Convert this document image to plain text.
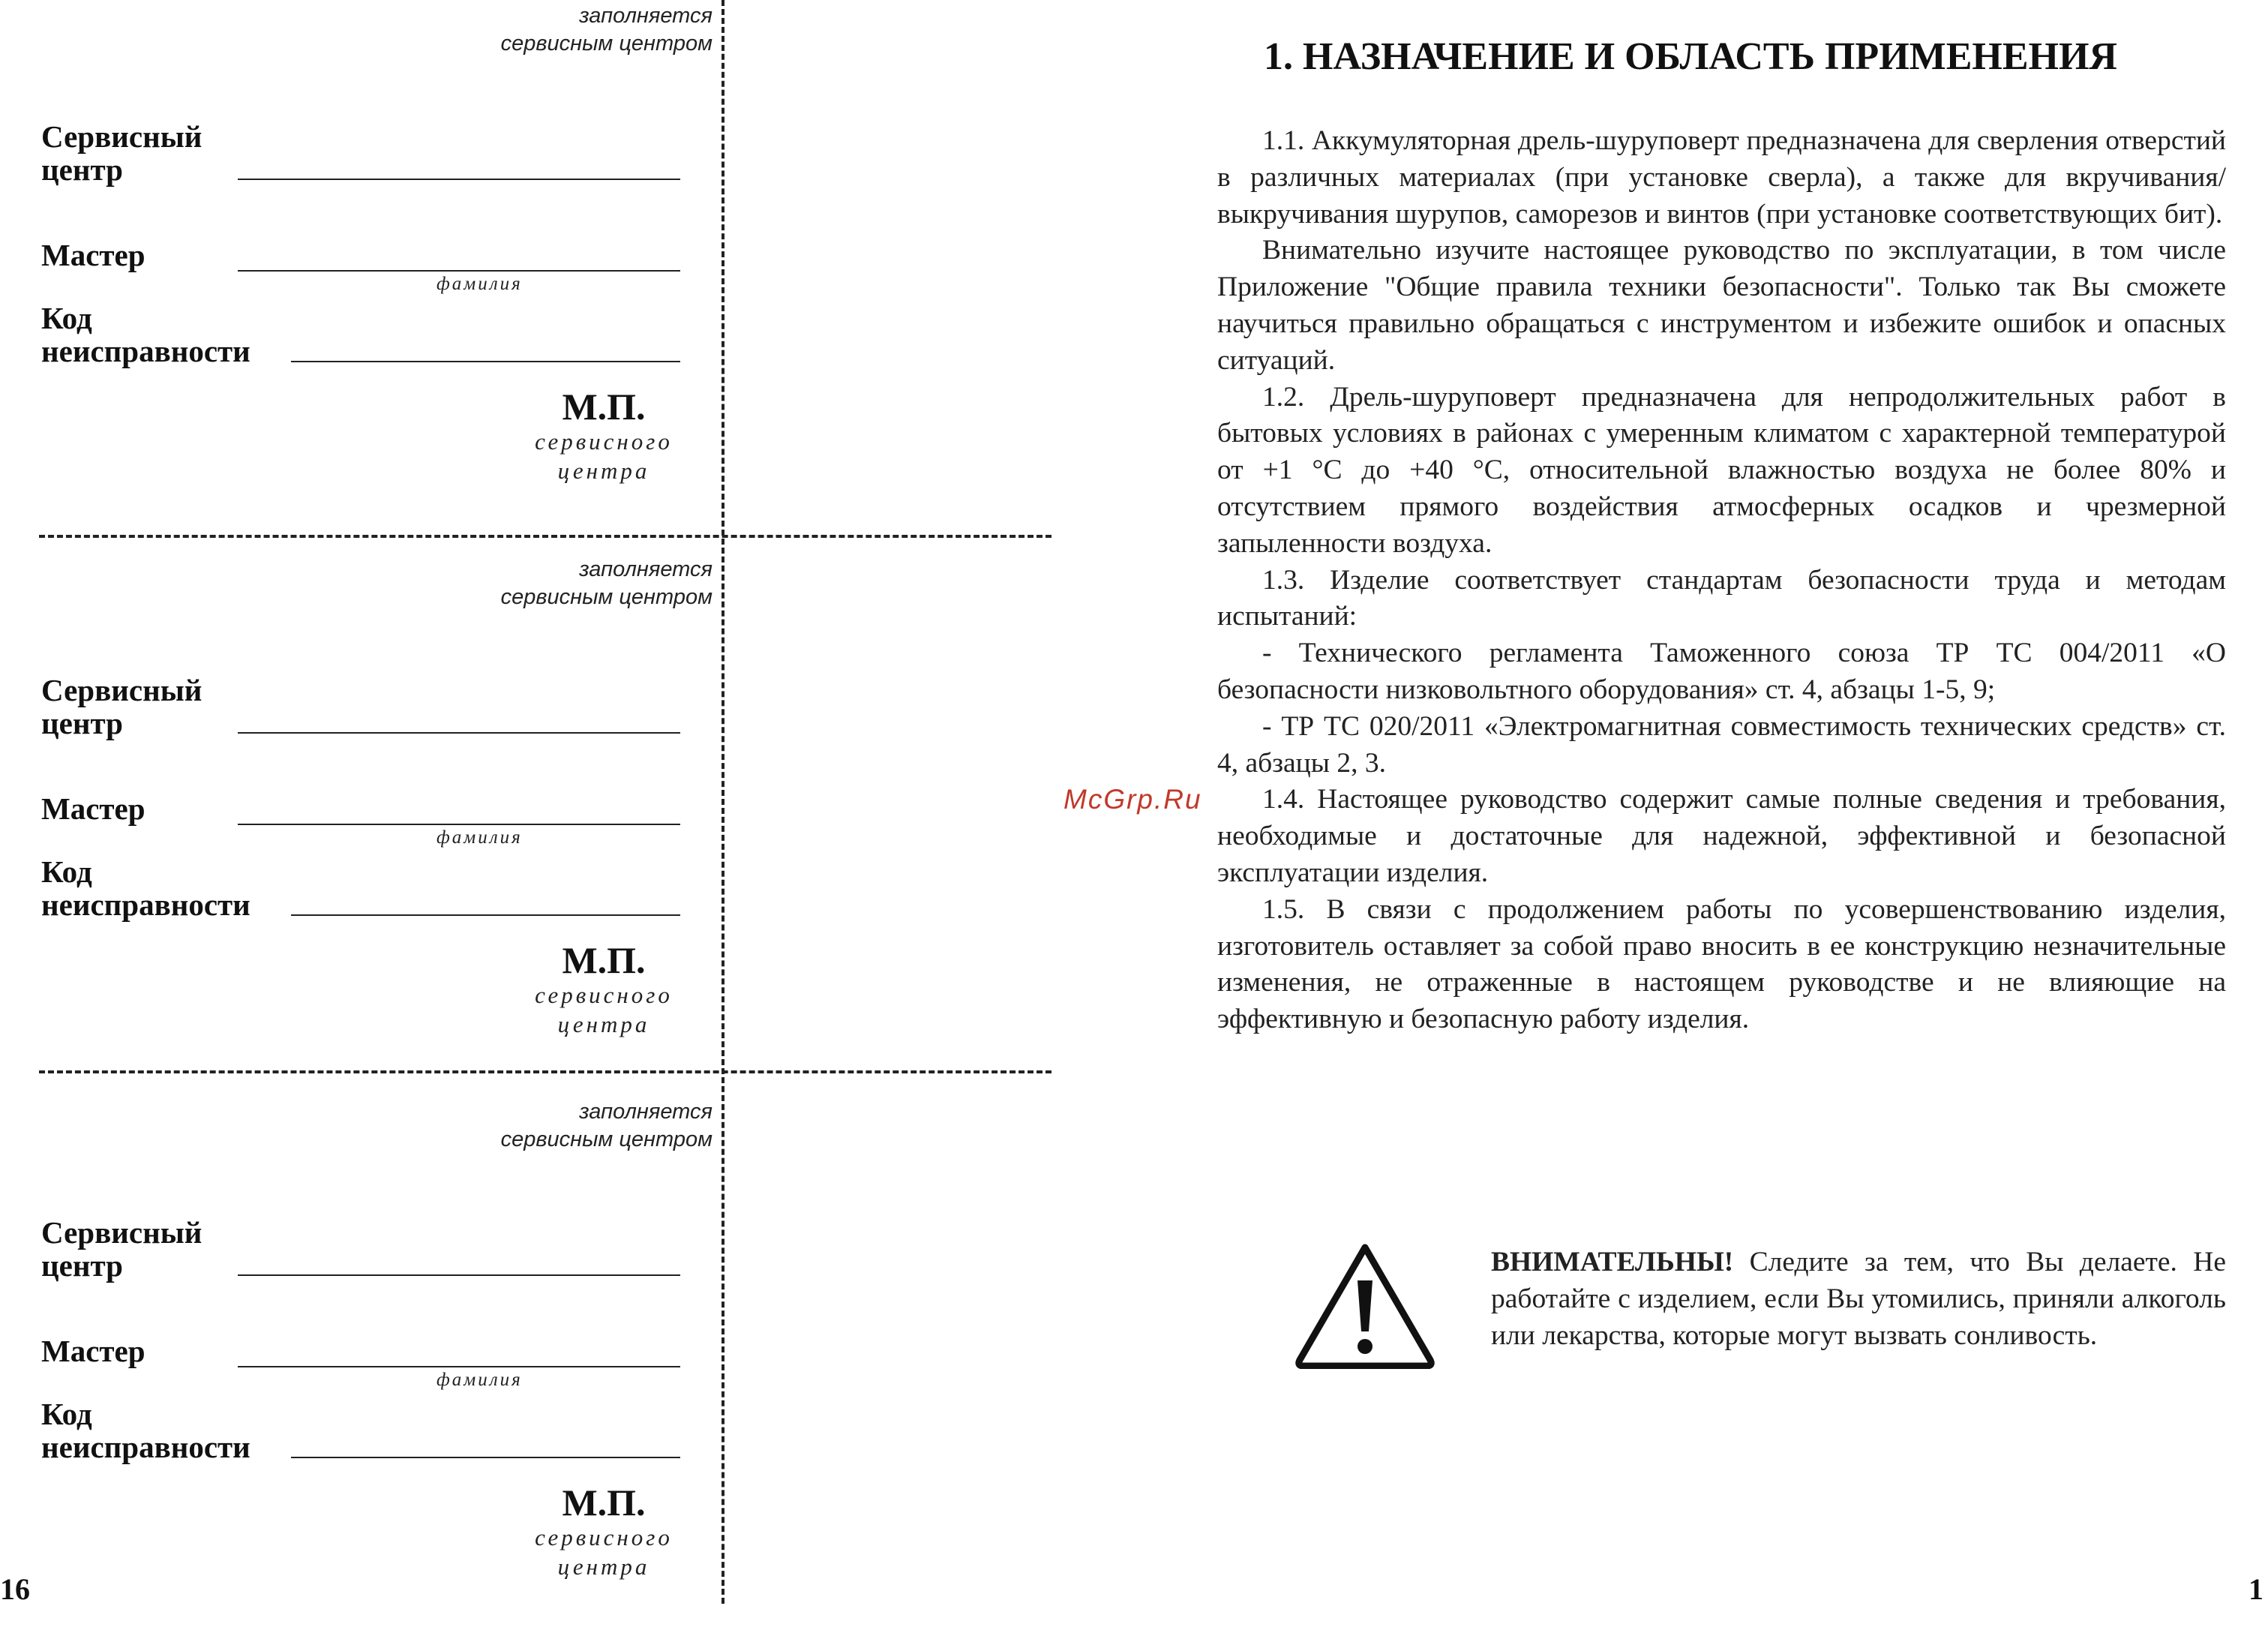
заполняется
сервисным центром
Сервисный
центр
Мастер
фамилия
Код
неисправности
М.П.
сервисного
центра
заполняется
сервисным центром
Сервисный
центр
Мастер
фамилия
Код
неисправности
М.П.
сервисного
центра
заполняется
сервисным центром
Сервисный
центр
Мастер
фамилия
Код
неисправности
М.П.
сервисного
центра
1. НАЗНАЧЕНИЕ И ОБЛАСТЬ ПРИМЕНЕНИЯ

1.1. Аккумуляторная дрель-шуруповерт предназначена для сверления отверстий в различных материалах (при установке сверла), а также для вкручивания/выкручивания шурупов, саморезов и винтов (при установке соответствующих бит).

Внимательно изучите настоящее руководство по эксплуатации, в том числе Приложение "Общие правила техники безопасности". Только так Вы сможете научиться правильно обращаться с инструментом и избежите ошибок и опасных ситуаций.

1.2. Дрель-шуруповерт предназначена для непродолжительных работ в бытовых условиях в районах с умеренным климатом с характерной температурой от +1 °С до +40 °С, относительной влажностью воздуха не более 80% и отсутствием прямого воздействия атмосферных осадков и чрезмерной запыленности воздуха.

1.3. Изделие соответствует стандартам безопасности труда и методам испытаний:

- Технического регламента Таможенного союза ТР ТС 004/2011 «О безопасности низковольтного оборудования» ст. 4, абзацы 1-5, 9;

- ТР ТС 020/2011 «Электромагнитная совместимость технических средств» ст. 4, абзацы 2, 3.

1.4. Настоящее руководство содержит самые полные сведения и требования, необходимые и достаточные для надежной, эффективной и безопасной эксплуатации изделия.

1.5. В связи с продолжением работы по усовершенствованию изделия, изготовитель оставляет за собой право вносить в ее конструкцию незначительные изменения, не отраженные в настоящем руководстве и не влияющие на эффективную и безопасную работу изделия.

McGrp.Ru
ВНИМАТЕЛЬНЫ! Следите за тем, что Вы делаете. Не работайте с изделием, если Вы утомились, приняли алкоголь или лекарства, которые могут вызвать сонливость.
16	1
